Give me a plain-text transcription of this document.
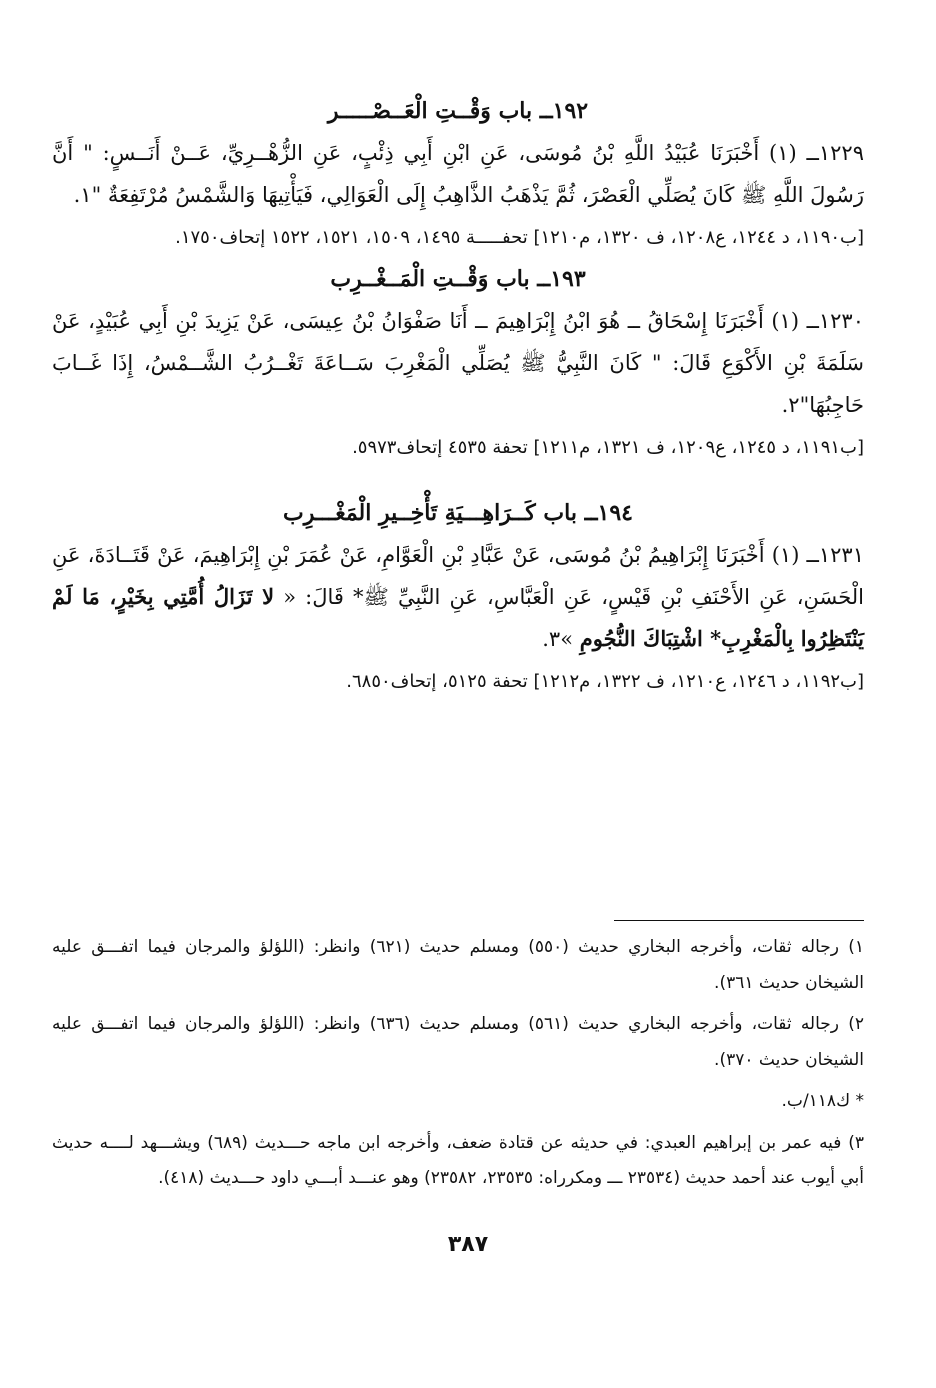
١٩٢ــ باب وَقْــتِ الْعَــصْـــــر

١٢٢٩ــ (١) أَخْبَرَنَا عُبَيْدُ اللَّهِ بْنُ مُوسَى، عَنِ ابْنِ أَبِي ذِئْبٍ، عَنِ الزُّهْــرِيِّ، عَــنْ أَنَــسٍ: " أَنَّ رَسُولَ اللَّهِ ﷺ كَانَ يُصَلِّي الْعَصْرَ، ثُمَّ يَذْهَبُ الذَّاهِبُ إِلَى الْعَوَالِي، فَيَأْتِيهَا وَالشَّمْسُ مُرْتَفِعَةٌ "١.

[ب١١٩٠، د ١٢٤٤، ع١٢٠٨، ف ١٣٢٠، م١٢١٠] تحفـــــة ١٤٩٥، ١٥٠٩، ١٥٢١، ١٥٢٢ إتحاف١٧٥٠.

١٩٣ــ باب وَقْــتِ الْمَــغْــرِب

١٢٣٠ــ (١) أَخْبَرَنَا إِسْحَاقُ ــ هُوَ ابْنُ إِبْرَاهِيمَ ــ أَنَا صَفْوَانُ بْنُ عِيسَى، عَنْ يَزِيدَ بْنِ أَبِي عُبَيْدٍ، عَنْ سَلَمَةَ بْنِ الأَكْوَعِ قَالَ: " كَانَ النَّبِيُّ ﷺ يُصَلِّي الْمَغْرِبَ سَــاعَةَ تَغْــرُبُ الشَّــمْسُ، إِذَا غَــابَ حَاجِبُهَا"٢.

[ب١١٩١، د ١٢٤٥، ع١٢٠٩، ف ١٣٢١، م١٢١١] تحفة ٤٥٣٥ إتحاف٥٩٧٣.

١٩٤ــ باب كَــرَاهِـــيَةِ تَأْخِــيرِ الْمَغْـــرِب

١٢٣١ــ (١) أَخْبَرَنَا إِبْرَاهِيمُ بْنُ مُوسَى، عَنْ عَبَّادِ بْنِ الْعَوَّامِ، عَنْ عُمَرَ بْنِ إِبْرَاهِيمَ، عَنْ قَتَــادَةَ، عَنِ الْحَسَنِ، عَنِ الأَحْنَفِ بْنِ قَيْسٍ، عَنِ الْعَبَّاسِ، عَنِ النَّبِيِّ ﷺ* قَالَ: « لا تَزَالُ أُمَّتِي بِخَيْرٍ، مَا لَمْ يَنْتَظِرُوا بِالْمَغْرِبِ* اشْتِبَاكَ النُّجُومِ »٣.

[ب١١٩٢، د ١٢٤٦، ع١٢١٠، ف ١٣٢٢، م١٢١٢] تحفة ٥١٢٥، إتحاف٦٨٥٠.

١) رجاله ثقات، وأخرجه البخاري حديث (٥٥٠) ومسلم حديث (٦٢١) وانظر: (اللؤلؤ والمرجان فيما اتفـــق عليه الشيخان حديث ٣٦١).

٢) رجاله ثقات، وأخرجه البخاري حديث (٥٦١) ومسلم حديث (٦٣٦) وانظر: (اللؤلؤ والمرجان فيما اتفـــق عليه الشيخان حديث ٣٧٠).

* ك١١٨/ب.

٣) فيه عمر بن إبراهيم العبدي: في حديثه عن قتادة ضعف، وأخرجه ابن ماجه حـــديث (٦٨٩) ويشـــهد لــــه حديث أبي أيوب عند أحمد حديث (٢٣٥٣٤ ـــ ومكرراه: ٢٣٥٣٥، ٢٣٥٨٢) وهو عنـــد أبـــي داود حـــديث (٤١٨).

٣٨٧
